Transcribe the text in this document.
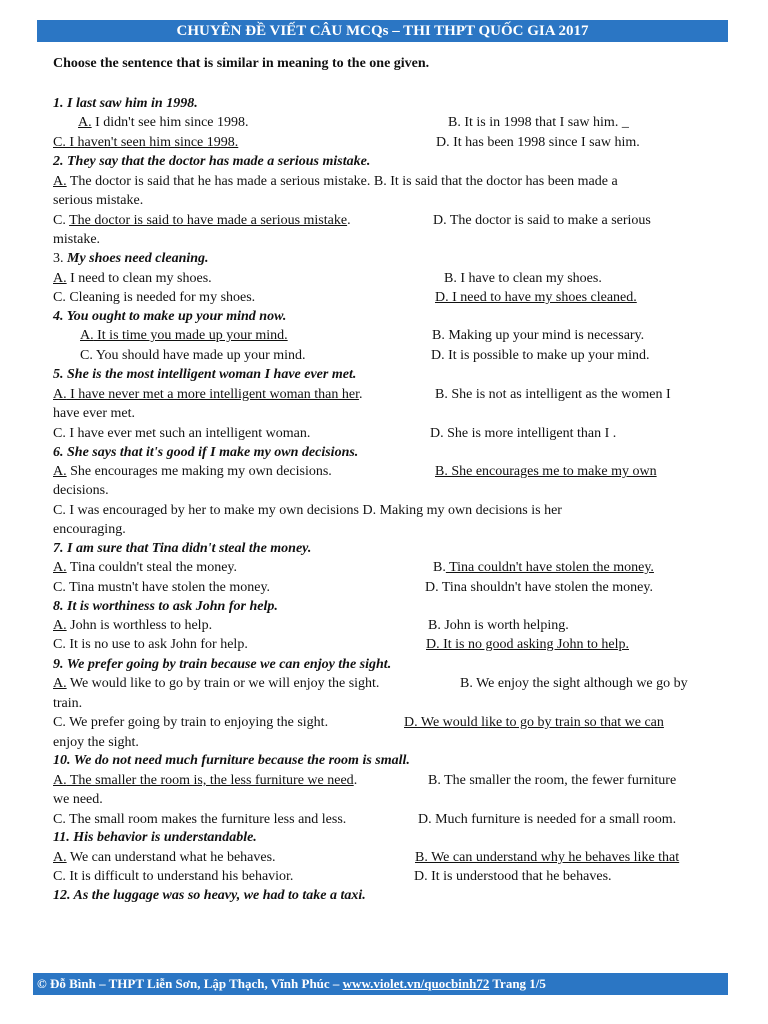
CHUYÊN ĐỀ VIẾT CÂU MCQs – THI THPT QUỐC GIA 2017
Choose the sentence that is similar in meaning to the one given.
1. I last saw him in 1998.
A. I didn't see him since 1998.	B. It is in 1998 that I saw him. _
C. I haven't seen him since 1998.	D. It has been 1998 since I saw him.
2. They say that the doctor has made a serious mistake.
A. The doctor is said that he has made a serious mistake. B. It is said that the doctor has been made a
serious mistake.
C. The doctor is said to have made a serious mistake.	D. The doctor is said to make a serious
mistake.
3. My shoes need cleaning.
A. I need to clean my shoes.	B. I have to clean my shoes.
C. Cleaning is needed for my shoes.	D. I need to have my shoes cleaned.
4. You ought to make up your mind now.
A. It is time you made up your mind.	B. Making up your mind is necessary.
C. You should have made up your mind.	D. It is possible to make up your mind.
5. She is the most intelligent woman I have ever met.
A. I have never met a more intelligent woman than her.	B. She is not as intelligent as the women I
have ever met.
C. I have ever met such an intelligent woman.	D. She is more intelligent than I .
6. She says that it's good if I make my own decisions.
A. She encourages me making my own decisions.	B. She encourages me to make my own
decisions.
C. I was encouraged by her to make my own decisions D. Making my own decisions is her
encouraging.
7. I am sure that Tina didn't steal the money.
A. Tina couldn't steal the money.	B. Tina couldn't have stolen the money.
C. Tina mustn't have stolen the money.	D. Tina shouldn't have stolen the money.
8. It is worthiness to ask John for help.
A. John is worthless to help.	B. John is worth helping.
C. It is no use to ask John for help.	D. It is no good asking John to help.
9. We prefer going by train because we can enjoy the sight.
A. We would like to go by train or we will enjoy the sight.	B. We enjoy the sight although we go by
train.
C. We prefer going by train to enjoying the sight.	D. We would like to go by train so that we can
enjoy the sight.
10. We do not need much furniture because the room is small.
A. The smaller the room is, the less furniture we need.	B. The smaller the room, the fewer furniture
we need.
C. The small room makes the furniture less and less.	D. Much furniture is needed for a small room.
11. His behavior is understandable.
A. We can understand what he behaves.	B. We can understand why he behaves like that
C. It is difficult to understand his behavior.	D. It is understood that he behaves.
12. As the luggage was so heavy, we had to take a taxi.
© Đỗ Bình – THPT Liễn Sơn, Lập Thạch, Vĩnh Phúc – www.violet.vn/quocbinh72 Trang 1/5
